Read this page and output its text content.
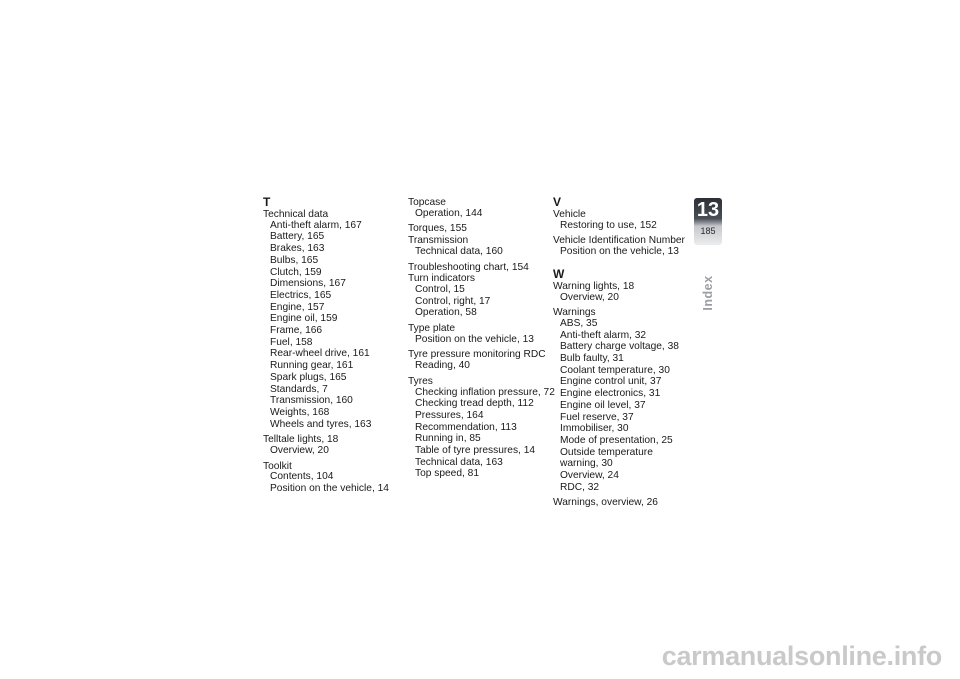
T
Technical data
Anti-theft alarm, 167
Battery, 165
Brakes, 163
Bulbs, 165
Clutch, 159
Dimensions, 167
Electrics, 165
Engine, 157
Engine oil, 159
Frame, 166
Fuel, 158
Rear-wheel drive, 161
Running gear, 161
Spark plugs, 165
Standards, 7
Transmission, 160
Weights, 168
Wheels and tyres, 163
Telltale lights, 18
Overview, 20
Toolkit
Contents, 104
Position on the vehicle, 14
Topcase
Operation, 144
Torques, 155
Transmission
Technical data, 160
Troubleshooting chart, 154
Turn indicators
Control, 15
Control, right, 17
Operation, 58
Type plate
Position on the vehicle, 13
Tyre pressure monitoring RDC
Reading, 40
Tyres
Checking inflation pressure, 72
Checking tread depth, 112
Pressures, 164
Recommendation, 113
Running in, 85
Table of tyre pressures, 14
Technical data, 163
Top speed, 81
V
Vehicle
Restoring to use, 152
Vehicle Identification Number
Position on the vehicle, 13
W
Warning lights, 18
Overview, 20
Warnings
ABS, 35
Anti-theft alarm, 32
Battery charge voltage, 38
Bulb faulty, 31
Coolant temperature, 30
Engine control unit, 37
Engine electronics, 31
Engine oil level, 37
Fuel reserve, 37
Immobiliser, 30
Mode of presentation, 25
Outside temperature
warning, 30
Overview, 24
RDC, 32
Warnings, overview, 26
13
185
Index
carmanualsonline.info
